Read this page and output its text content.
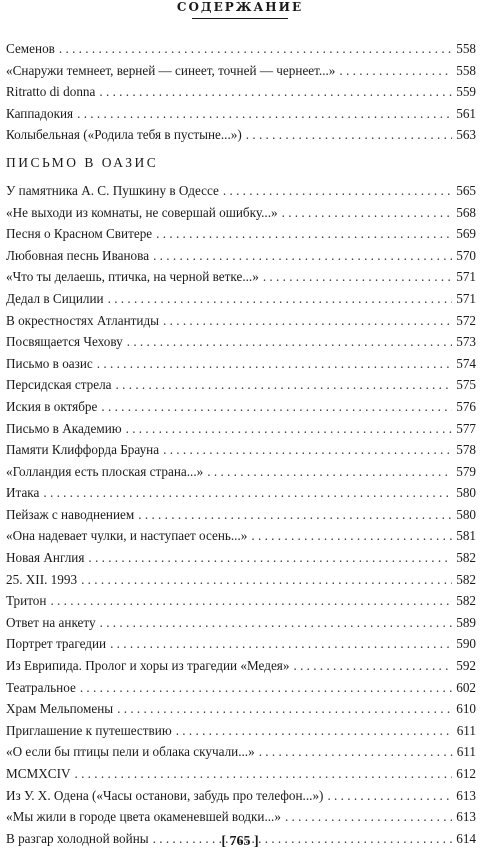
СОДЕРЖАНИЕ
Семенов . . .	558
«Снаружи темнеет, верней — синеет, точней — чернеет...» . . .	558
Ritratto di donna . . .	559
Каппадокия . . .	561
Колыбельная («Родила тебя в пустыне...») . . .	563
ПИСЬМО В ОАЗИС
У памятника А. С. Пушкину в Одессе . . .	565
«Не выходи из комнаты, не совершай ошибку...» . . .	568
Песня о Красном Свитере . . .	569
Любовная песнь Иванова . . .	570
«Что ты делаешь, птичка, на черной ветке...» . . .	571
Дедал в Сицилии . . .	571
В окрестностях Атлантиды . . .	572
Посвящается Чехову . . .	573
Письмо в оазис . . .	574
Персидская стрела . . .	575
Иския в октябре . . .	576
Письмо в Академию . . .	577
Памяти Клиффорда Брауна . . .	578
«Голландия есть плоская страна...» . . .	579
Итака . . .	580
Пейзаж с наводнением . . .	580
«Она надевает чулки, и наступает осень...» . . .	581
Новая Англия . . .	582
25. XII. 1993 . . .	582
Тритон . . .	582
Ответ на анкету . . .	589
Портрет трагедии . . .	590
Из Еврипида. Пролог и хоры из трагедии «Медея» . . .	592
Театральное . . .	602
Храм Мельпомены . . .	610
Приглашение к путешествию . . .	611
«О если бы птицы пели и облака скучали...» . . .	611
MCMXCIV . . .	612
Из У. Х. Одена («Часы останови, забудь про телефон...») . . .	613
«Мы жили в городе цвета окаменевшей водки...» . . .	613
В разгар холодной войны . . .	614
[ 765 ]
